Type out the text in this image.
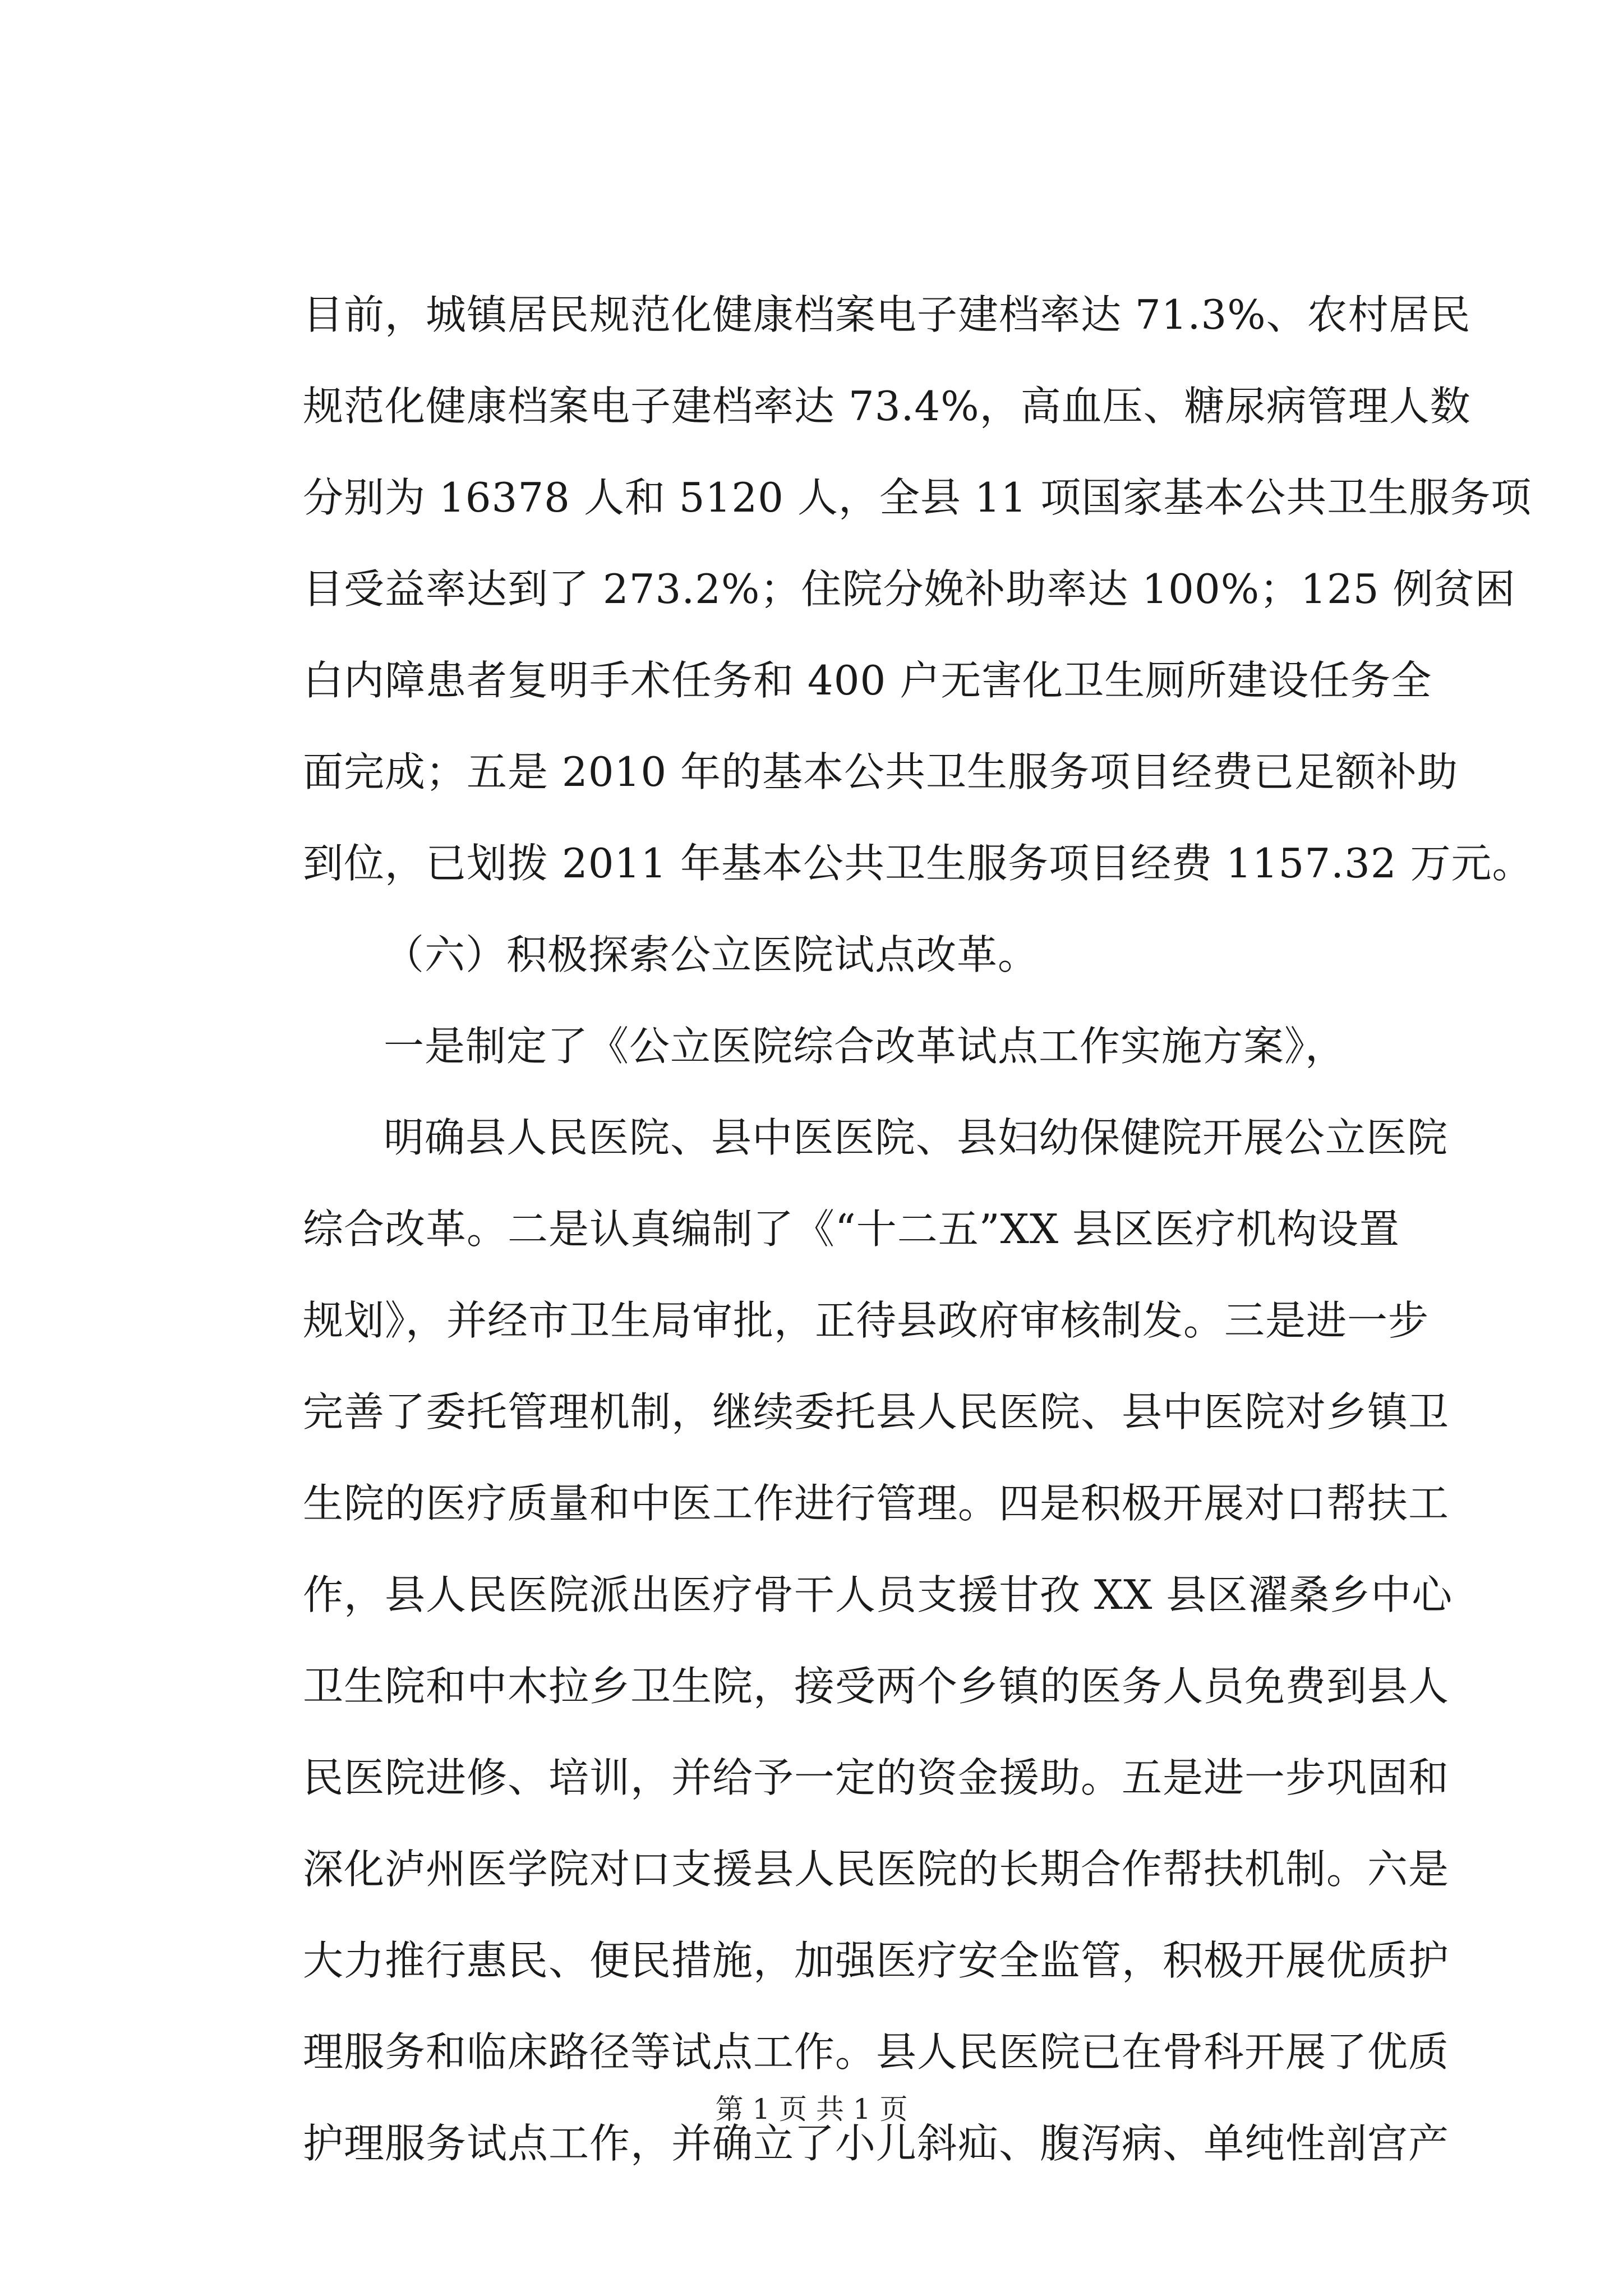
目前，城镇居民规范化健康档案电子建档率达 71.3%、农村居民
规范化健康档案电子建档率达 73.4%，高血压、糖尿病管理人数
分别为 16378 人和 5120 人，全县 11 项国家基本公共卫生服务项
目受益率达到了 273.2%；住院分娩补助率达 100%；125 例贫困
白内障患者复明手术任务和 400 户无害化卫生厕所建设任务全
面完成；五是 2010 年的基本公共卫生服务项目经费已足额补助
到位，已划拨 2011 年基本公共卫生服务项目经费 1157.32 万元。
（六）积极探索公立医院试点改革。
一是制定了《公立医院综合改革试点工作实施方案》，
明确县人民医院、县中医医院、县妇幼保健院开展公立医院
综合改革。二是认真编制了《“十二五”XX 县区医疗机构设置
规划》，并经市卫生局审批，正待县政府审核制发。三是进一步
完善了委托管理机制，继续委托县人民医院、县中医院对乡镇卫
生院的医疗质量和中医工作进行管理。四是积极开展对口帮扶工
作，县人民医院派出医疗骨干人员支援甘孜 XX 县区濯桑乡中心
卫生院和中木拉乡卫生院，接受两个乡镇的医务人员免费到县人
民医院进修、培训，并给予一定的资金援助。五是进一步巩固和
深化泸州医学院对口支援县人民医院的长期合作帮扶机制。六是
大力推行惠民、便民措施，加强医疗安全监管，积极开展优质护
理服务和临床路径等试点工作。县人民医院已在骨科开展了优质
护理服务试点工作，并确立了小儿斜疝、腹泻病、单纯性剖宫产
第 1 页 共 1 页
